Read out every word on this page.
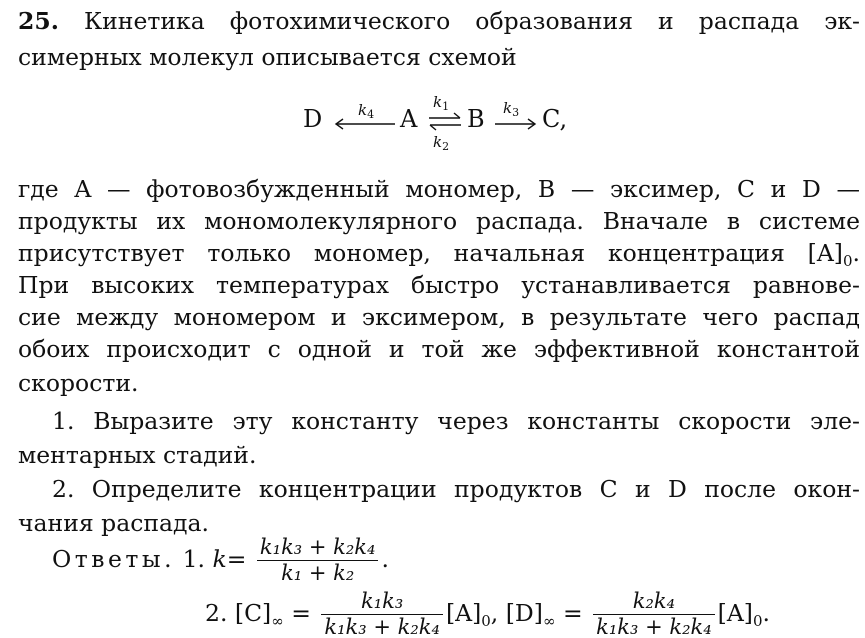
25. Кинетика фотохимического образования и распада эк-
симерных молекул описывается схемой
D $k_4$ A
$k_1$
$k_2$
B $k_3$ C,
где A — фотовозбужденный мономер, B — эксимер, C и D —
продукты их мономолекулярного распада. Вначале в системе
присутствует только мономер, начальная концентрация $[A]_0$.
При высоких температурах быстро устанавливается равнове-
сие между мономером и эксимером, в результате чего распад
обоих происходит с одной и той же эффективной константой
скорости.
1. Выразите эту константу через константы скорости эле-
ментарных стадий.
2. Определите концентрации продуктов C и D после окон-
чания распада.
Ответы. 1. $k= \frac{\text{k₁k₃ + k₂k₄}}{\text{k₁ + k₂}}$ .
2. $[C]_\infty = \frac{\text{k₁k₃}}{\text{k₁k₃ + k₂k₄}} [A]_0$, $[D]_\infty = \frac{\text{k₂k₄}}{\text{k₁k₃ + k₂k₄}} [A]_0$.
